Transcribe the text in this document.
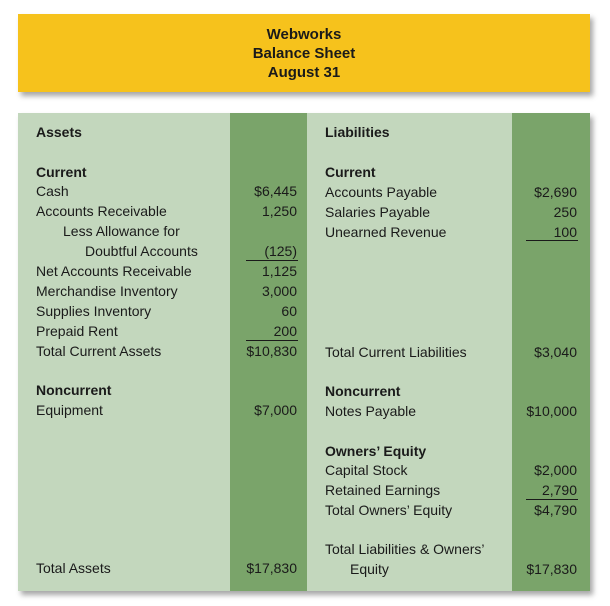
Webworks
Balance Sheet
August 31
Assets
Current
Cash	$6,445
Accounts Receivable	1,250
Less Allowance for
Doubtful Accounts	(125)
Net Accounts Receivable	1,125
Merchandise Inventory	3,000
Supplies Inventory	60
Prepaid Rent	200
Total Current Assets	$10,830
Noncurrent
Equipment	$7,000
Total Assets	$17,830
Liabilities
Current
Accounts Payable	$2,690
Salaries Payable	250
Unearned Revenue	100
Total Current Liabilities	$3,040
Noncurrent
Notes Payable	$10,000
Owners’ Equity
Capital Stock	$2,000
Retained Earnings	2,790
Total Owners’ Equity	$4,790
Total Liabilities & Owners’
Equity	$17,830
